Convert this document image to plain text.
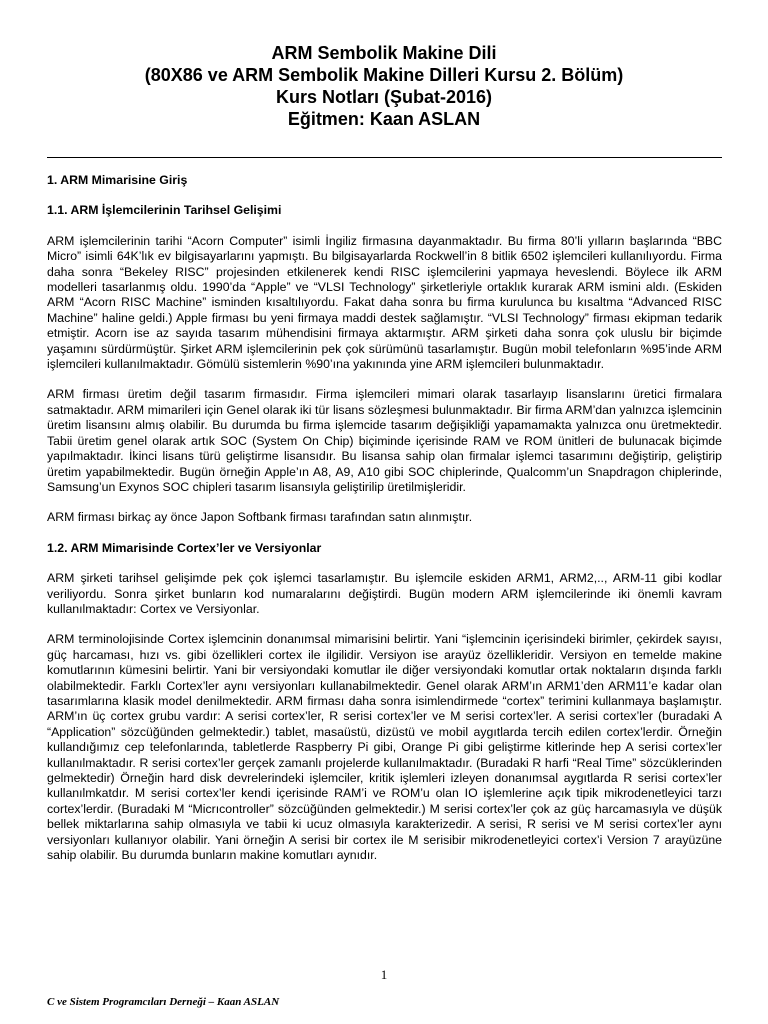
ARM Sembolik Makine Dili
(80X86 ve ARM Sembolik Makine Dilleri Kursu 2. Bölüm)
Kurs Notları (Şubat-2016)
Eğitmen: Kaan ASLAN
1. ARM Mimarisine Giriş
1.1. ARM İşlemcilerinin Tarihsel Gelişimi

ARM işlemcilerinin tarihi “Acorn Computer” isimli İngiliz firmasına dayanmaktadır. Bu firma 80’li yılların başlarında “BBC Micro” isimli 64K’lık ev bilgisayarlarını yapmıştı. Bu bilgisayarlarda Rockwell’in 8 bitlik 6502 işlemcileri kullanılıyordu. Firma daha sonra “Bekeley RISC” projesinden etkilenerek kendi RISC işlemcilerini yapmaya heveslendi. Böylece ilk ARM modelleri tasarlanmış oldu. 1990’da “Apple” ve “VLSI Technology” şirketleriyle ortaklık kurarak ARM ismini aldı. (Eskiden ARM “Acorn RISC Machine” isminden kısaltılıyordu. Fakat daha sonra bu firma kurulunca bu kısaltma “Advanced RISC Machine” haline geldi.) Apple firması bu yeni firmaya maddi destek sağlamıştır. “VLSI Technology” firması ekipman tedarik etmiştir. Acorn ise az sayıda tasarım mühendisini firmaya aktarmıştır. ARM şirketi daha sonra çok uluslu bir biçimde yaşamını sürdürmüştür. Şirket ARM işlemcilerinin pek çok sürümünü tasarlamıştır. Bugün mobil telefonların %95’inde ARM işlemcileri kullanılmaktadır. Gömülü sistemlerin %90’ına yakınında yine ARM işlemcileri bulunmaktadır.

ARM firması üretim değil tasarım firmasıdır. Firma işlemcileri mimari olarak tasarlayıp lisanslarını üretici firmalara satmaktadır. ARM mimarileri için Genel olarak iki tür lisans sözleşmesi bulunmaktadır. Bir firma ARM’dan yalnızca işlemcinin üretim lisansını almış olabilir. Bu durumda bu firma işlemcide tasarım değişikliği yapamamakta yalnızca onu üretmektedir. Tabii üretim genel olarak artık SOC (System On Chip) biçiminde içerisinde RAM ve ROM ünitleri de bulunacak biçimde yapılmaktadır. İkinci lisans türü geliştirme lisansıdır. Bu lisansa sahip olan firmalar işlemci tasarımını değiştirip, geliştirip üretim yapabilmektedir. Bugün örneğin Apple’ın A8, A9, A10 gibi SOC chiplerinde, Qualcomm’un Snapdragon chiplerinde, Samsung’un Exynos SOC chipleri tasarım lisansıyla geliştirilip üretilmişleridir.

ARM firması birkaç ay önce Japon Softbank firması tarafından satın alınmıştır.

1.2. ARM Mimarisinde Cortex’ler ve Versiyonlar

ARM şirketi tarihsel gelişimde pek çok işlemci tasarlamıştır. Bu işlemcile eskiden ARM1, ARM2,.., ARM-11 gibi kodlar veriliyordu. Sonra şirket bunların kod numaralarını değiştirdi. Bugün modern ARM işlemcilerinde iki önemli kavram kullanılmaktadır: Cortex ve Versiyonlar.

ARM terminolojisinde Cortex işlemcinin donanımsal mimarisini belirtir. Yani “işlemcinin içerisindeki birimler, çekirdek sayısı, güç harcaması, hızı vs. gibi özellikleri cortex ile ilgilidir. Versiyon ise arayüz özellikleridir. Versiyon en temelde makine komutlarının kümesini belirtir. Yani bir versiyondaki komutlar ile diğer versiyondaki komutlar ortak noktaların dışında farklı olabilmektedir. Farklı Cortex’ler aynı versiyonları kullanabilmektedir. Genel olarak ARM’ın ARM1’den ARM11’e kadar olan tasarımlarına klasik model denilmektedir. ARM firması daha sonra isimlendirmede “cortex” terimini kullanmaya başlamıştır. ARM’ın üç cortex grubu vardır: A serisi cortex’ler, R serisi cortex’ler ve M serisi cortex’ler. A serisi cortex’ler (buradaki A “Application” sözcüğünden gelmektedir.) tablet, masaüstü, dizüstü ve mobil aygıtlarda tercih edilen cortex’lerdir. Örneğin kullandığımız cep telefonlarında, tabletlerde Raspberry Pi gibi, Orange Pi gibi geliştirme kitlerinde hep A serisi cortex’ler kullanılmaktadır. R serisi cortex’ler gerçek zamanlı projelerde kullanılmaktadır. (Buradaki R harfi “Real Time” sözcüklerinden gelmektedir) Örneğin hard disk devrelerindeki işlemciler, kritik işlemleri izleyen donanımsal aygıtlarda R serisi cortex’ler kullanılmkatdır. M serisi cortex’ler kendi içerisinde RAM’i ve ROM’u olan IO işlemlerine açık tipik mikrodenetleyici tarzı cortex’lerdir. (Buradaki M “Micrıcontroller” sözcüğünden gelmektedir.) M serisi cortex’ler çok az güç harcamasıyla ve düşük bellek miktarlarına sahip olmasıyla ve tabii ki ucuz olmasıyla karakterizedir. A serisi, R serisi ve M serisi cortex’ler aynı versiyonları kullanıyor olabilir. Yani örneğin A serisi bir cortex ile M serisibir mikrodenetleyici cortex’i Version 7 arayüzüne sahip olabilir. Bu durumda bunların makine komutları aynıdır.

1
C ve Sistem Programcıları Derneği – Kaan ASLAN
